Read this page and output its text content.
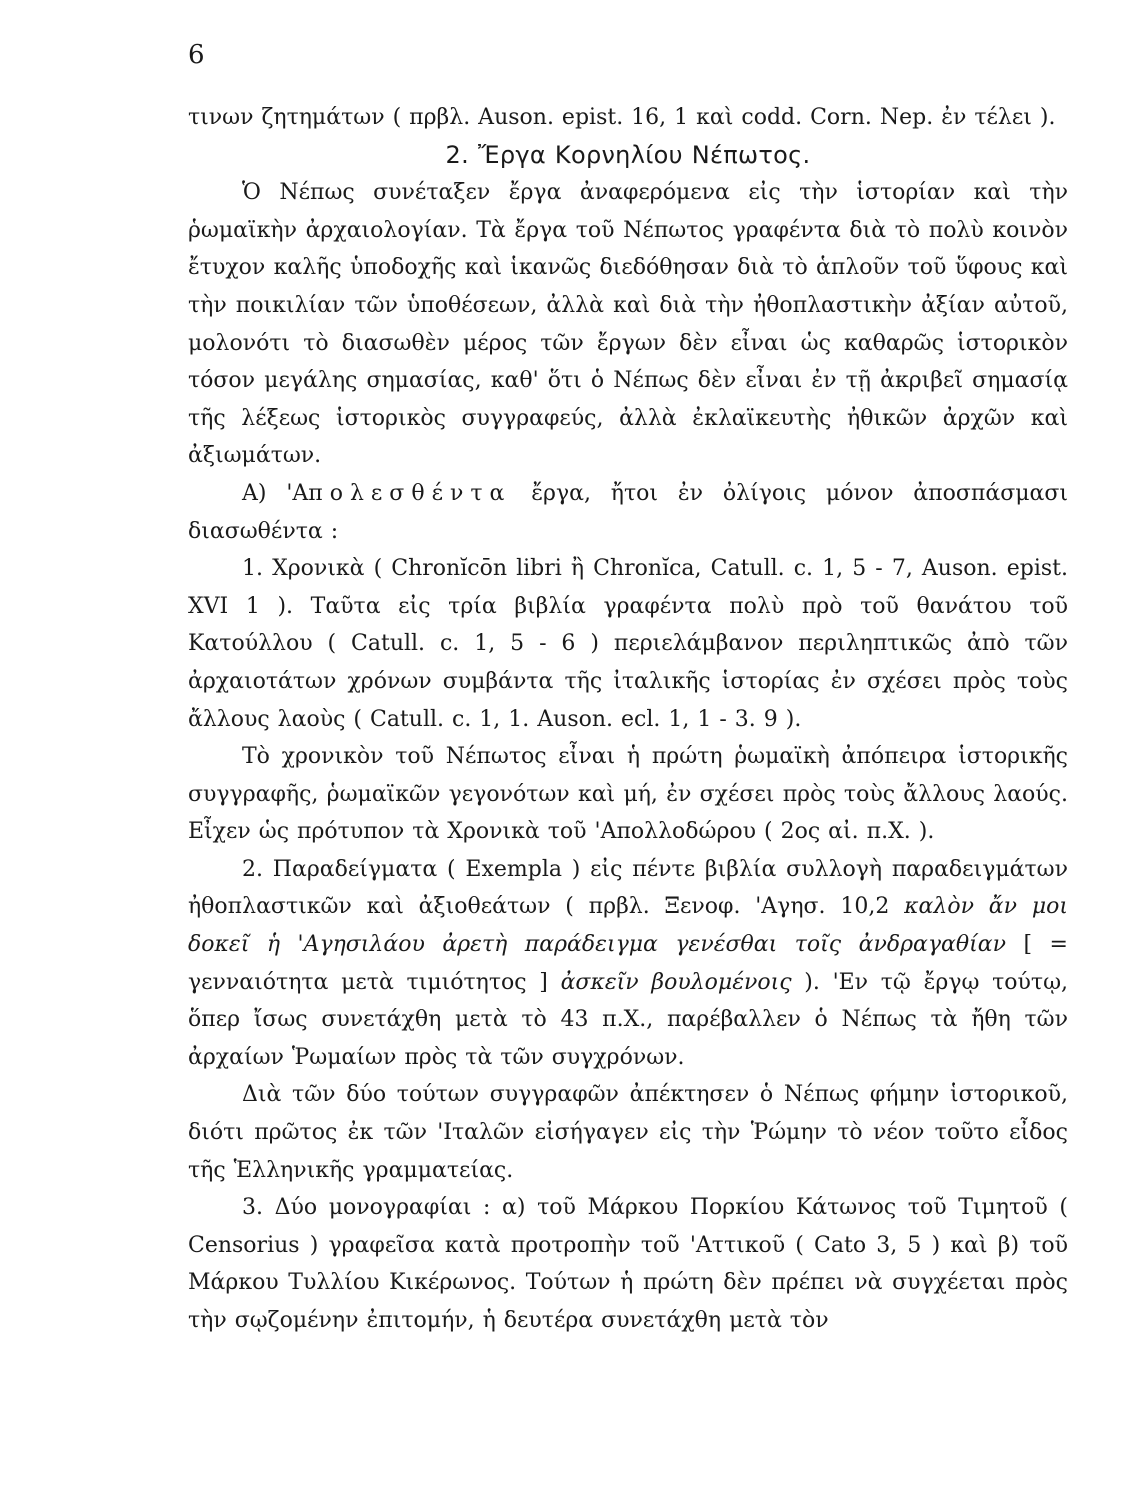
6

τινων ζητημάτων ( πρβλ. Auson. epist. 16, 1 καὶ codd. Corn. Nep. ἐν τέλει ).

2. Ἔργα Κορνηλίου Νέπωτος.

Ὁ Νέπως συνέταξεν ἔργα ἀναφερόμενα εἰς τὴν ἱστορίαν καὶ τὴν ῥωμαϊκὴν ἀρχαιολογίαν. Τὰ ἔργα τοῦ Νέπωτος γραφέντα διὰ τὸ πολὺ κοινὸν ἔτυχον καλῆς ὑποδοχῆς καὶ ἱκανῶς διεδόθησαν διὰ τὸ ἁπλοῦν τοῦ ὕφους καὶ τὴν ποικιλίαν τῶν ὑποθέσεων, ἀλλὰ καὶ διὰ τὴν ἠθοπλαστικὴν ἀξίαν αὐτοῦ, μολονότι τὸ διασωθὲν μέρος τῶν ἔργων δὲν εἶναι ὡς καθαρῶς ἱστορικὸν τόσον μεγάλης σημασίας, καθ' ὅτι ὁ Νέπως δὲν εἶναι ἐν τῇ ἀκριβεῖ σημασίᾳ τῆς λέξεως ἱστορικὸς συγγραφεύς, ἀλλὰ ἐκλαϊκευτὴς ἠθικῶν ἀρχῶν καὶ ἀξιωμάτων.

Α) 'Απολεσθέντα ἔργα, ἤτοι ἐν ὀλίγοις μόνον ἀποσπάσμασι διασωθέντα :

1. Χρονικὰ ( Chronĭcōn libri ἢ Chronĭca, Catull. c. 1, 5 - 7, Auson. epist. XVI 1 ). Ταῦτα εἰς τρία βιβλία γραφέντα πολὺ πρὸ τοῦ θανάτου τοῦ Κατούλλου ( Catull. c. 1, 5 - 6 ) περιελάμβανον περιληπτικῶς ἀπὸ τῶν ἀρχαιοτάτων χρόνων συμβάντα τῆς ἰταλικῆς ἱστορίας ἐν σχέσει πρὸς τοὺς ἄλλους λαοὺς ( Catull. c. 1, 1. Auson. ecl. 1, 1 - 3. 9 ).

Τὸ χρονικὸν τοῦ Νέπωτος εἶναι ἡ πρώτη ῥωμαϊκὴ ἀπόπειρα ἱστορικῆς συγγραφῆς, ῥωμαϊκῶν γεγονότων καὶ μή, ἐν σχέσει πρὸς τοὺς ἄλλους λαούς. Εἶχεν ὡς πρότυπον τὰ Χρονικὰ τοῦ 'Απολλοδώρου ( 2ος αἰ. π.Χ. ).

2. Παραδείγματα ( Exempla ) εἰς πέντε βιβλία συλλογὴ παραδειγμάτων ἠθοπλαστικῶν καὶ ἀξιοθεάτων ( πρβλ. Ξενοφ. 'Αγησ. 10,2 καλὸν ἄν μοι δοκεῖ ἡ 'Αγησιλάου ἀρετὴ παράδειγμα γενέσθαι τοῖς ἀνδραγαθίαν [ = γενναιότητα μετὰ τιμιότητος ] ἀσκεῖν βουλομένοις ). 'Εν τῷ ἔργῳ τούτῳ, ὅπερ ἴσως συνετάχθη μετὰ τὸ 43 π.Χ., παρέβαλλεν ὁ Νέπως τὰ ἤθη τῶν ἀρχαίων Ῥωμαίων πρὸς τὰ τῶν συγχρόνων.

Διὰ τῶν δύο τούτων συγγραφῶν ἀπέκτησεν ὁ Νέπως φήμην ἱστορικοῦ, διότι πρῶτος ἐκ τῶν 'Ιταλῶν εἰσήγαγεν εἰς τὴν Ῥώμην τὸ νέον τοῦτο εἶδος τῆς Ἑλληνικῆς γραμματείας.

3. Δύο μονογραφίαι : α) τοῦ Μάρκου Πορκίου Κάτωνος τοῦ Τιμητοῦ ( Censorius ) γραφεῖσα κατὰ προτροπὴν τοῦ 'Αττικοῦ ( Cato 3, 5 ) καὶ β) τοῦ Μάρκου Τυλλίου Κικέρωνος. Τούτων ἡ πρώτη δὲν πρέπει νὰ συγχέεται πρὸς τὴν σῳζομένην ἐπιτομήν, ἡ δευτέρα συνετάχθη μετὰ τὸν
